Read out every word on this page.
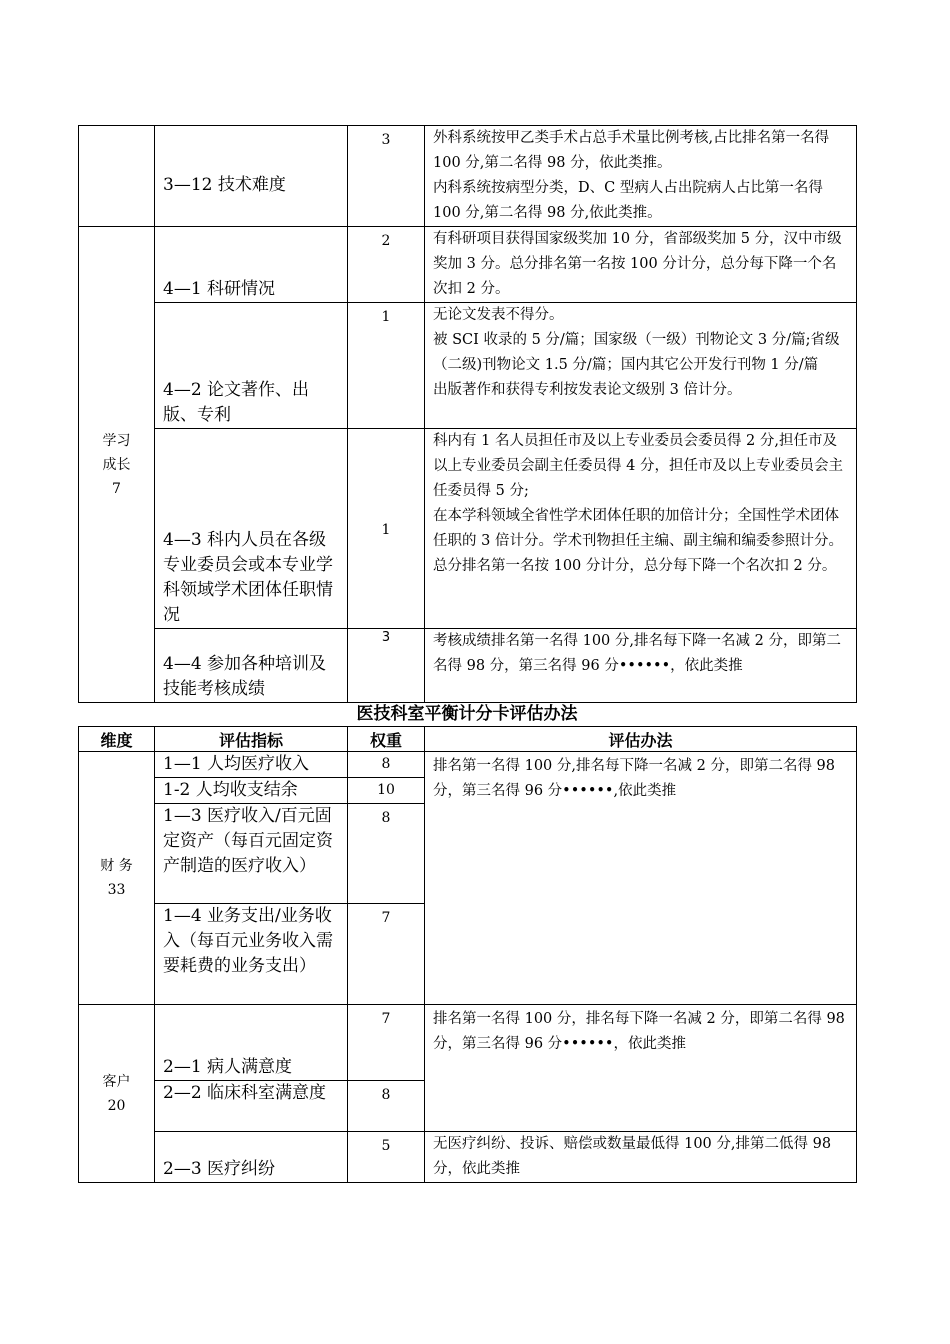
	3—12 技术难度	3	外科系统按甲乙类手术占总手术量比例考核,占比排名第一名得 100 分,第二名得 98 分，依此类推。
内科系统按病型分类，D、C 型病人占出院病人占比第一名得 100 分,第二名得 98 分,依此类推。

学习
成长
7	4—1 科研情况	2	有科研项目获得国家级奖加 10 分，省部级奖加 5 分，汉中市级奖加 3 分。总分排名第一名按 100 分计分，总分每下降一个名次扣 2 分。

	4—2 论文著作、出版、专利	1	无论文发表不得分。
被 SCI 收录的 5 分/篇；国家级（一级）刊物论文 3 分/篇;省级（二级)刊物论文 1.5 分/篇；国内其它公开发行刊物 1 分/篇
出版著作和获得专利按发表论文级别 3 倍计分。

	4—3 科内人员在各级专业委员会或本专业学科领域学术团体任职情况	1	科内有 1 名人员担任市及以上专业委员会委员得 2 分,担任市及以上专业委员会副主任委员得 4 分，担任市及以上专业委员会主任委员得 5 分;
在本学科领域全省性学术团体任职的加倍计分；全国性学术团体任职的 3 倍计分。学术刊物担任主编、副主编和编委参照计分。
总分排名第一名按 100 分计分，总分每下降一个名次扣 2 分。

	4—4 参加各种培训及技能考核成绩	3	考核成绩排名第一名得 100 分,排名每下降一名减 2 分，即第二名得 98 分，第三名得 96 分••••••，依此类推
医技科室平衡计分卡评估办法
维度	评估指标	权重	评估办法

财 务
33	1—1 人均医疗收入	8	排名第一名得 100 分,排名每下降一名减 2 分，即第二名得 98 分，第三名得 96 分••••••,依此类推

	1-2 人均收支结余	10	
	1—3 医疗收入/百元固定资产（每百元固定资产制造的医疗收入）	8	
	1—4 业务支出/业务收入（每百元业务收入需要耗费的业务支出）	7	

客户
20	2—1 病人满意度	7	排名第一名得 100 分，排名每下降一名减 2 分，即第二名得 98 分，第三名得 96 分••••••，依此类推

	2—2 临床科室满意度	8	
	2—3 医疗纠纷	5	无医疗纠纷、投诉、赔偿或数量最低得 100 分,排第二低得 98 分，依此类推
